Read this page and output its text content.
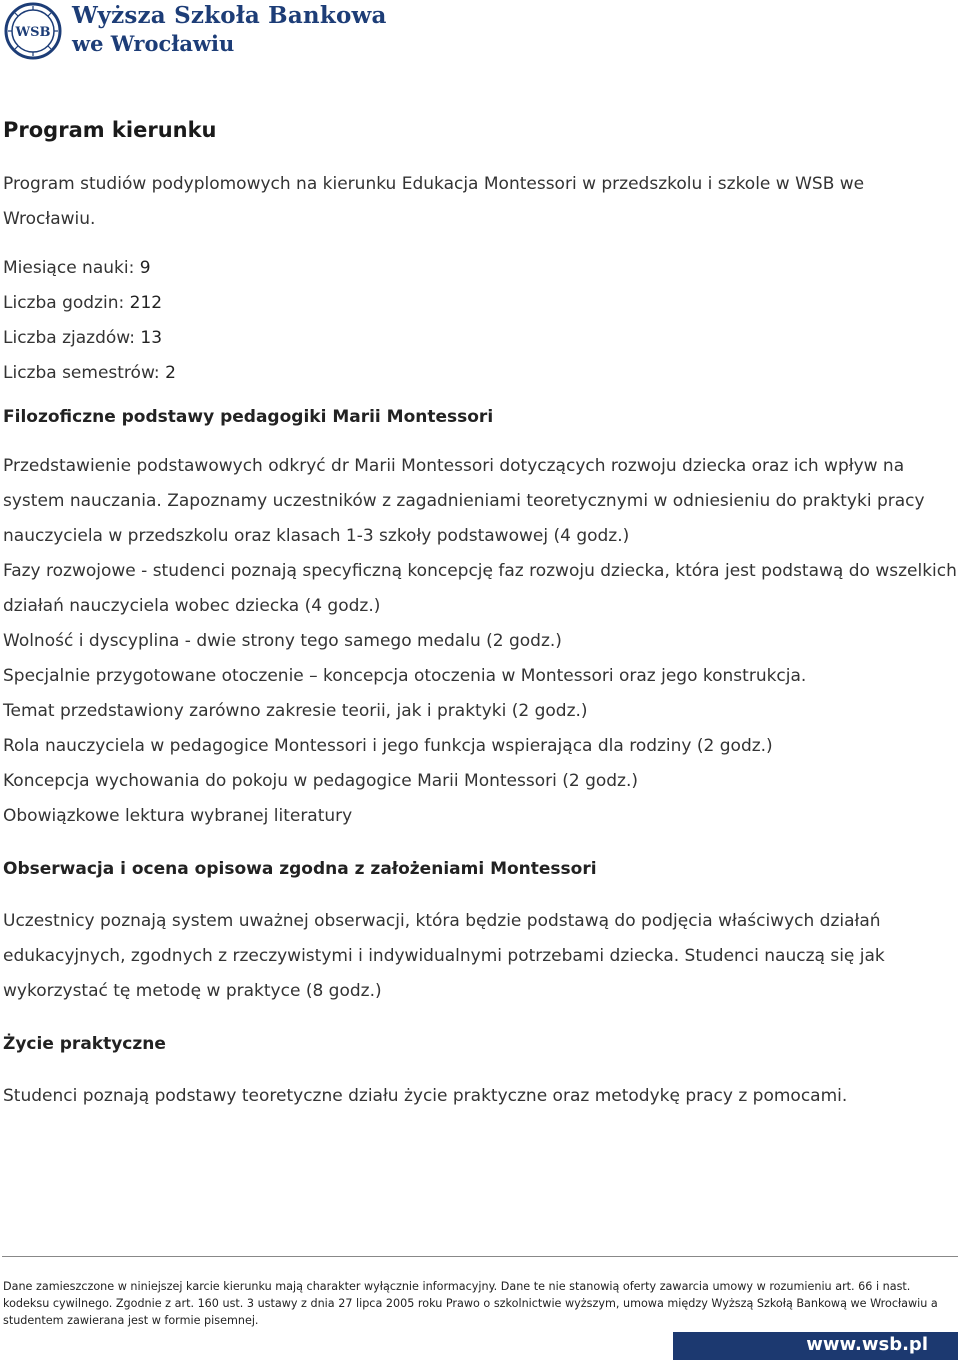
WSB
Wyższa Szkoła Bankowa
we Wrocławiu
Program kierunku

Program studiów podyplomowych na kierunku Edukacja Montessori w przedszkolu i szkole w WSB we Wrocławiu.

Miesiące nauki: 9

Liczba godzin: 212

Liczba zjazdów: 13

Liczba semestrów: 2

Filozoficzne podstawy pedagogiki Marii Montessori

Przedstawienie podstawowych odkryć dr Marii Montessori dotyczących rozwoju dziecka oraz ich wpływ na system nauczania. Zapoznamy uczestników z zagadnieniami teoretycznymi w odniesieniu do praktyki pracy nauczyciela w przedszkolu oraz klasach 1-3 szkoły podstawowej (4 godz.)

Fazy rozwojowe - studenci poznają specyficzną koncepcję faz rozwoju dziecka, która jest podstawą do wszelkich działań nauczyciela wobec dziecka (4 godz.)

Wolność i dyscyplina - dwie strony tego samego medalu (2 godz.)

Specjalnie przygotowane otoczenie – koncepcja otoczenia w Montessori oraz jego konstrukcja.

Temat przedstawiony zarówno zakresie teorii, jak i praktyki (2 godz.)

Rola nauczyciela w pedagogice Montessori i jego funkcja wspierająca dla rodziny (2 godz.)

Koncepcja wychowania do pokoju w pedagogice Marii Montessori (2 godz.)

Obowiązkowe lektura wybranej literatury

Obserwacja i ocena opisowa zgodna z założeniami Montessori

Uczestnicy poznają system uważnej obserwacji, która będzie podstawą do podjęcia właściwych działań edukacyjnych, zgodnych z rzeczywistymi i indywidualnymi potrzebami dziecka. Studenci nauczą się jak wykorzystać tę metodę w praktyce (8 godz.)

Życie praktyczne

Studenci poznają podstawy teoretyczne działu życie praktyczne oraz metodykę pracy z pomocami.

Dane zamieszczone w niniejszej karcie kierunku mają charakter wyłącznie informacyjny. Dane te nie stanowią oferty zawarcia umowy w rozumieniu art. 66 i nast. kodeksu cywilnego. Zgodnie z art. 160 ust. 3 ustawy z dnia 27 lipca 2005 roku Prawo o szkolnictwie wyższym, umowa między Wyższą Szkołą Bankową we Wrocławiu a studentem zawierana jest w formie pisemnej.
www.wsb.pl
